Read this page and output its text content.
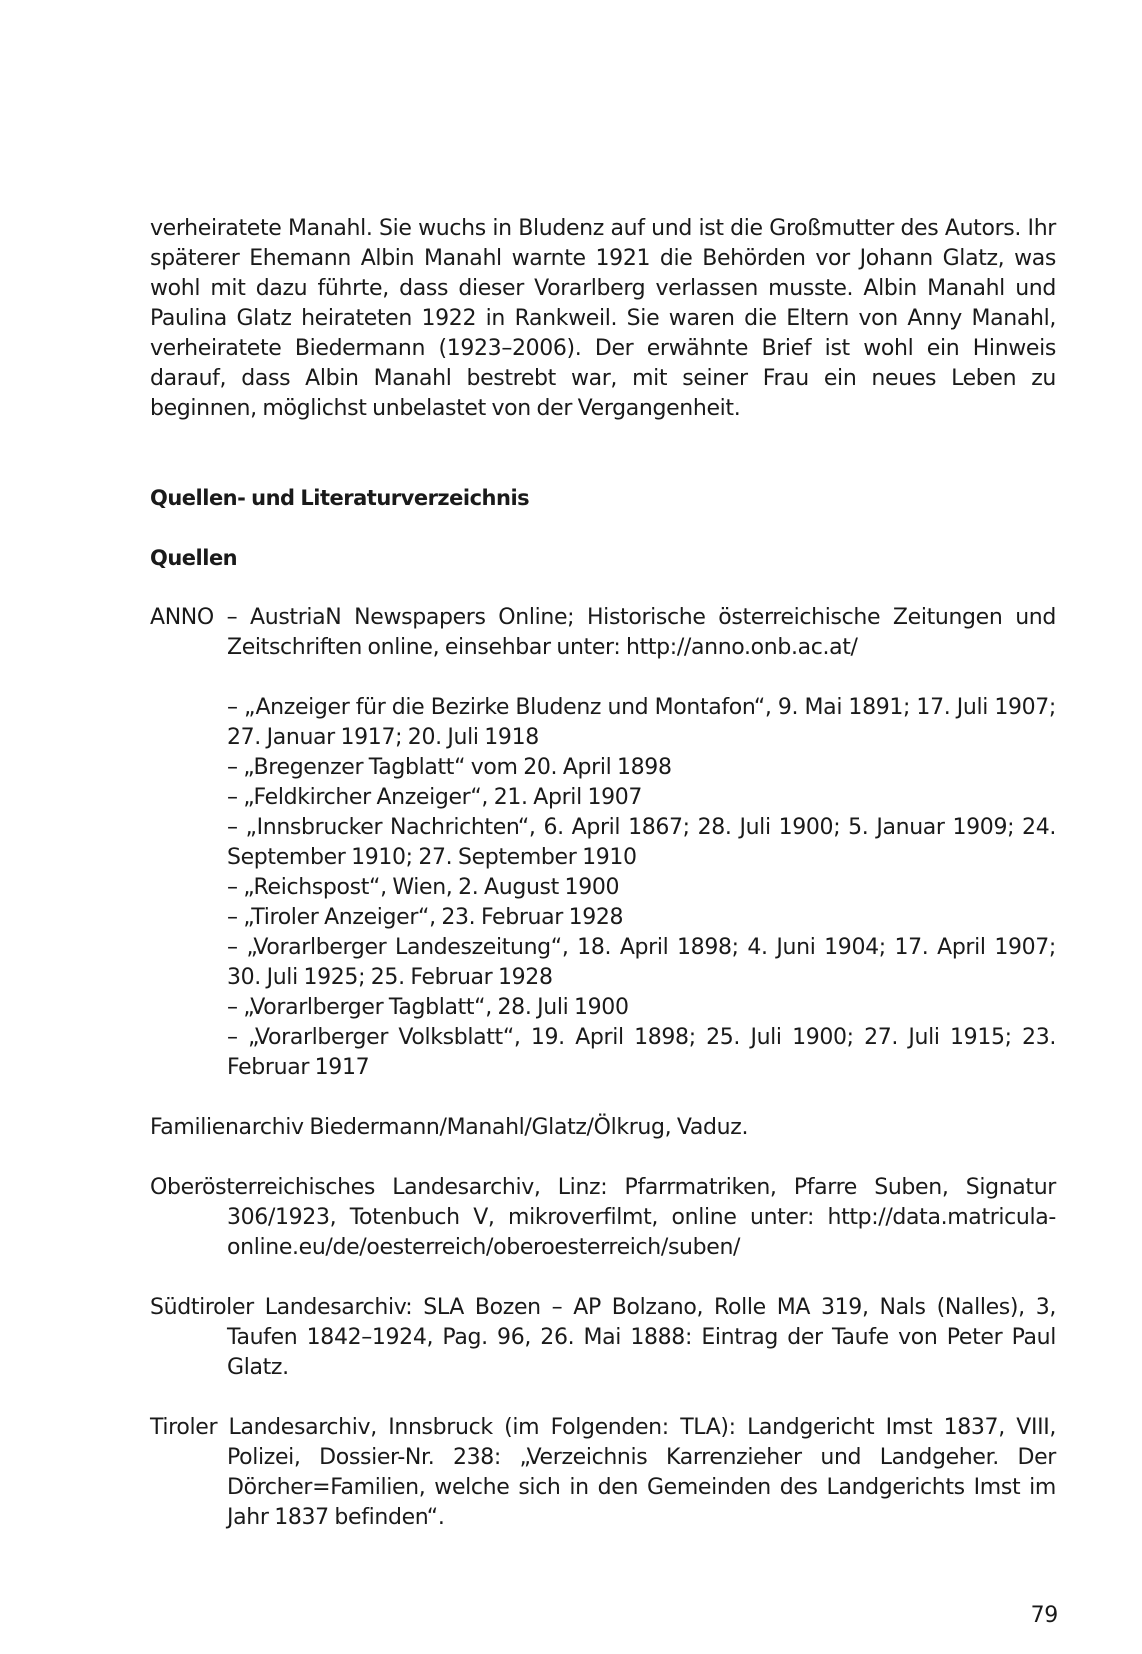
verheiratete Manahl. Sie wuchs in Bludenz auf und ist die Großmutter des Autors. Ihr späterer Ehemann Albin Manahl warnte 1921 die Behörden vor Johann Glatz, was wohl mit dazu führte, dass dieser Vorarlberg verlassen musste. Albin Manahl und Paulina Glatz heirateten 1922 in Rankweil. Sie waren die Eltern von Anny Manahl, verheiratete Biedermann (1923–2006). Der erwähnte Brief ist wohl ein Hinweis darauf, dass Albin Manahl bestrebt war, mit seiner Frau ein neues Leben zu beginnen, möglichst unbelastet von der Vergangenheit.

Quellen- und Literaturverzeichnis
Quellen

ANNO – AustriaN Newspapers Online; Historische österreichische Zeitungen und Zeitschriften online, einsehbar unter: http://anno.onb.ac.at/

– „Anzeiger für die Bezirke Bludenz und Montafon“, 9. Mai 1891; 17. Juli 1907; 27. Januar 1917; 20. Juli 1918
– „Bregenzer Tagblatt“ vom 20. April 1898
– „Feldkircher Anzeiger“, 21. April 1907
– „Innsbrucker Nachrichten“, 6. April 1867; 28. Juli 1900; 5. Januar 1909; 24. September 1910; 27. September 1910
– „Reichspost“, Wien, 2. August 1900
– „Tiroler Anzeiger“, 23. Februar 1928
– „Vorarlberger Landeszeitung“, 18. April 1898; 4. Juni 1904; 17. April 1907; 30. Juli 1925; 25. Februar 1928
– „Vorarlberger Tagblatt“, 28. Juli 1900
– „Vorarlberger Volksblatt“, 19. April 1898; 25. Juli 1900; 27. Juli 1915; 23. Februar 1917

Familienarchiv Biedermann/Manahl/Glatz/Ölkrug, Vaduz.

Oberösterreichisches Landesarchiv, Linz: Pfarrmatriken, Pfarre Suben, Signatur 306/1923, Totenbuch V, mikroverfilmt, online unter: http://data.matricula-online.eu/de/oesterreich/oberoesterreich/suben/

Südtiroler Landesarchiv: SLA Bozen – AP Bolzano, Rolle MA 319, Nals (Nalles), 3, Taufen 1842–1924, Pag. 96, 26. Mai 1888: Eintrag der Taufe von Peter Paul Glatz.

Tiroler Landesarchiv, Innsbruck (im Folgenden: TLA): Landgericht Imst 1837, VIII, Polizei, Dossier-Nr. 238: „Verzeichnis Karrenzieher und Landgeher. Der Dörcher=Familien, welche sich in den Gemeinden des Landgerichts Imst im Jahr 1837 befinden“.

79
